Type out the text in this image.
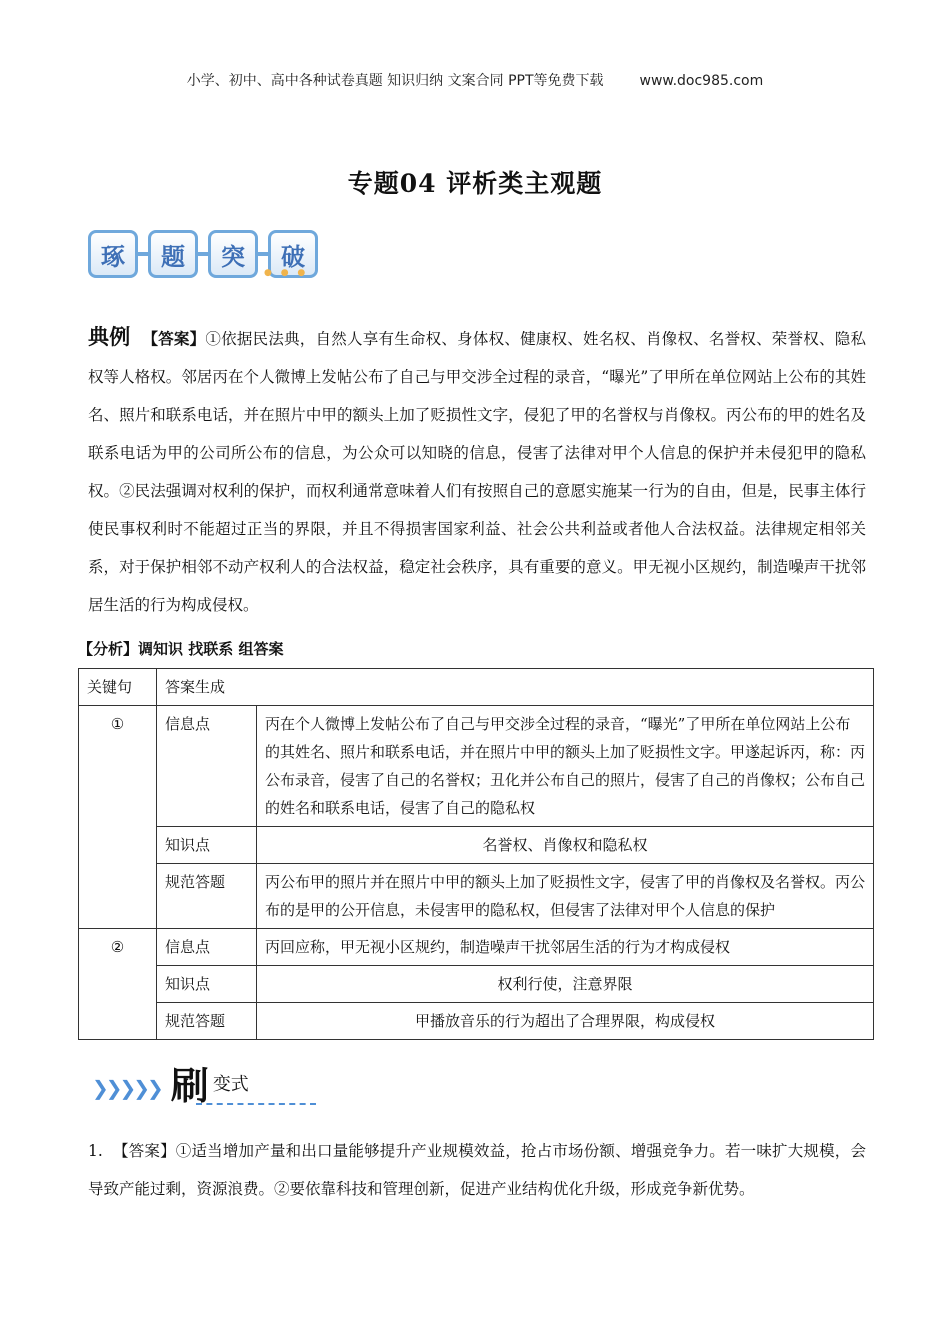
小学、初中、高中各种试卷真题 知识归纳 文案合同 PPT等免费下载	www.doc985.com
专题04 评析类主观题
琢	题	突	破
● ● ●
典例 【答案】①依据民法典，自然人享有生命权、身体权、健康权、姓名权、肖像权、名誉权、荣誉权、隐私权等人格权。邻居丙在个人微博上发帖公布了自己与甲交涉全过程的录音，“曝光”了甲所在单位网站上公布的其姓名、照片和联系电话，并在照片中甲的额头上加了贬损性文字，侵犯了甲的名誉权与肖像权。丙公布的甲的姓名及联系电话为甲的公司所公布的信息，为公众可以知晓的信息，侵害了法律对甲个人信息的保护并未侵犯甲的隐私权。②民法强调对权利的保护，而权利通常意味着人们有按照自己的意愿实施某一行为的自由，但是，民事主体行使民事权利时不能超过正当的界限，并且不得损害国家利益、社会公共利益或者他人合法权益。法律规定相邻关系，对于保护相邻不动产权利人的合法权益，稳定社会秩序，具有重要的意义。甲无视小区规约，制造噪声干扰邻居生活的行为构成侵权。
【分析】调知识 找联系 组答案
关键句	答案生成	
①	信息点	丙在个人微博上发帖公布了自己与甲交涉全过程的录音，“曝光”了甲所在单位网站上公布的其姓名、照片和联系电话，并在照片中甲的额头上加了贬损性文字。甲遂起诉丙，称：丙公布录音，侵害了自己的名誉权；丑化并公布自己的照片，侵害了自己的肖像权；公布自己的姓名和联系电话，侵害了自己的隐私权
	知识点	名誉权、肖像权和隐私权
	规范答题	丙公布甲的照片并在照片中甲的额头上加了贬损性文字，侵害了甲的肖像权及名誉权。丙公布的是甲的公开信息，未侵害甲的隐私权，但侵害了法律对甲个人信息的保护
②	信息点	丙回应称，甲无视小区规约，制造噪声干扰邻居生活的行为才构成侵权
	知识点	权利行使，注意界限
	规范答题	甲播放音乐的行为超出了合理界限，构成侵权
❯❯❯❯❯ 刷 变式
1. 【答案】①适当增加产量和出口量能够提升产业规模效益，抢占市场份额、增强竞争力。若一味扩大规模，会导致产能过剩，资源浪费。②要依靠科技和管理创新，促进产业结构优化升级，形成竞争新优势。
